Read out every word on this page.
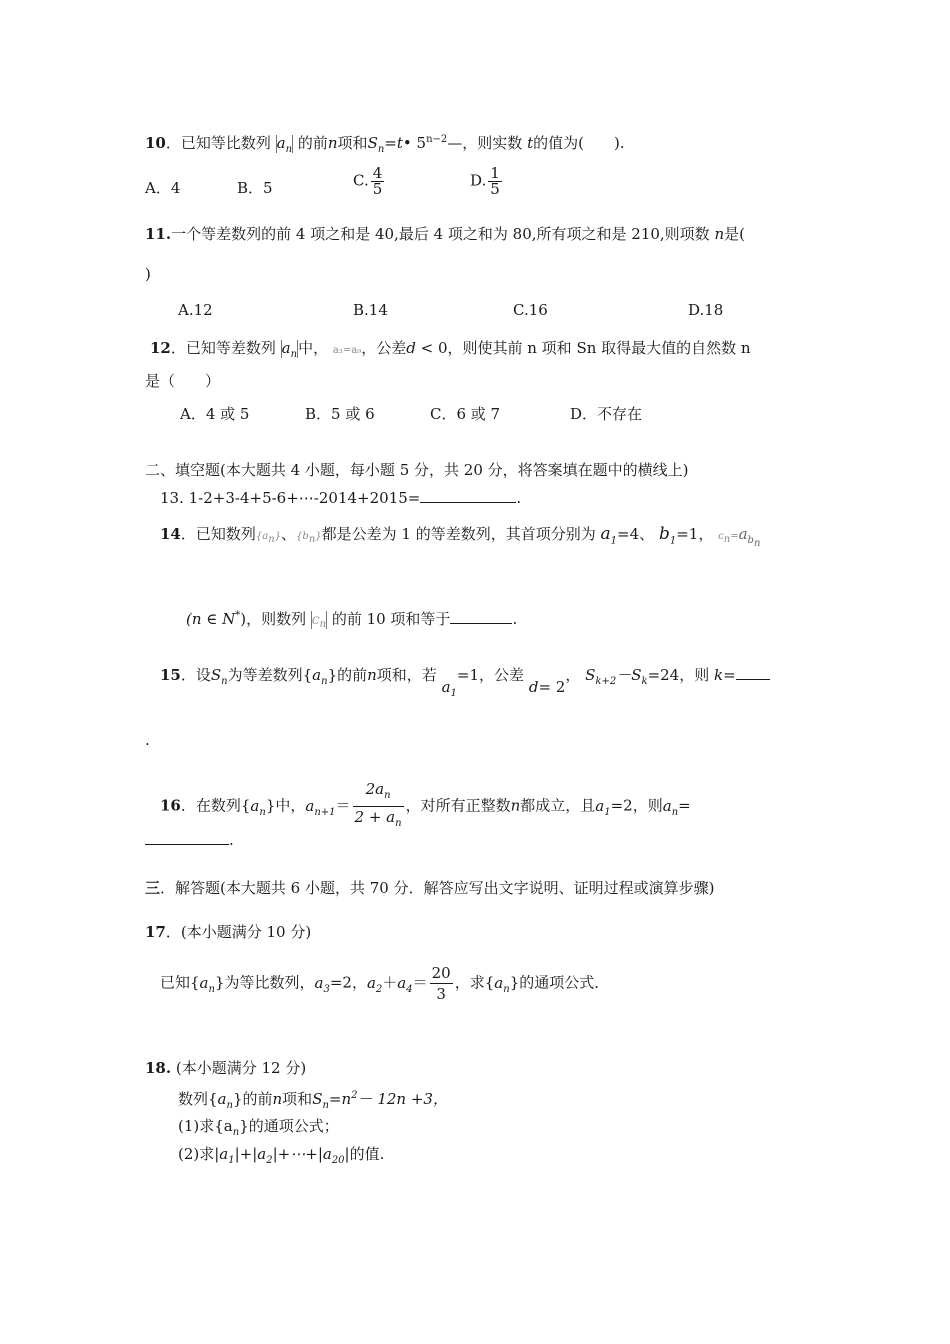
10．已知等比数列 $a_n$ 的前n项和$S_n=t•$ $5^{n-2}—$，则实数 t的值为(　　).
A．4	B．5	C. $\frac{4}{5}$	D. $\frac{1}{5}$
11.一个等差数列的前 4 项之和是 40,最后 4 项之和为 80,所有项之和是 210,则项数 n是(
)
A.12	B.14	C.16	D.18
12．已知等差数列 $a_n$中， a₃=a₉，公差d < 0，则使其前 n 项和 Sn 取得最大值的自然数 n
是（　　）
A．4 或 5	B．5 或 6	C．6 或 7	D．不存在
二、填空题(本大题共 4 小题，每小题 5 分，共 20 分，将答案填在题中的横线上)
13. 1-2+3-4+5-6+⋯-2014+2015=	.
14．已知数列$\{a_n\}$、$\{b_n\}$都是公差为 1 的等差数列，其首项分别为 $a_1=4$、 $b_1=1$， $c_n=a_{b_n}$
(n ∈ N*)，则数列 $C_n$ 的前 10 项和等于	.
15．设$S_n$为等差数列$\{a_n\}$的前n项和，若 $a_1=1$，公差 d= 2， $S_{k+2}-S_k=24$，则 k=
.
16．在数列$\{a_n\}$中，$a_{n+1}= \frac{2a_n}{2 + a_n}$ ，对所有正整数n都成立，且$a_1=2$，则$a_n=$
.
三．解答题(本大题共 6 小题，共 70 分．解答应写出文字说明、证明过程或演算步骤)
17．(本小题满分 10 分)
已知$\{a_n\}$为等比数列，$a_3=2$，$a_2+a_4= \frac{20}{3}$ ，求$\{a_n\}$的通项公式．
18. (本小题满分 12 分)
数列$\{a_n\}$的前n项和$S_n=n^2- 12n +3$，
(1)求$\{a_n\}$的通项公式；
(2)求$|a_1|+|a_2|+\cdots+|a_{20}|$的值.
